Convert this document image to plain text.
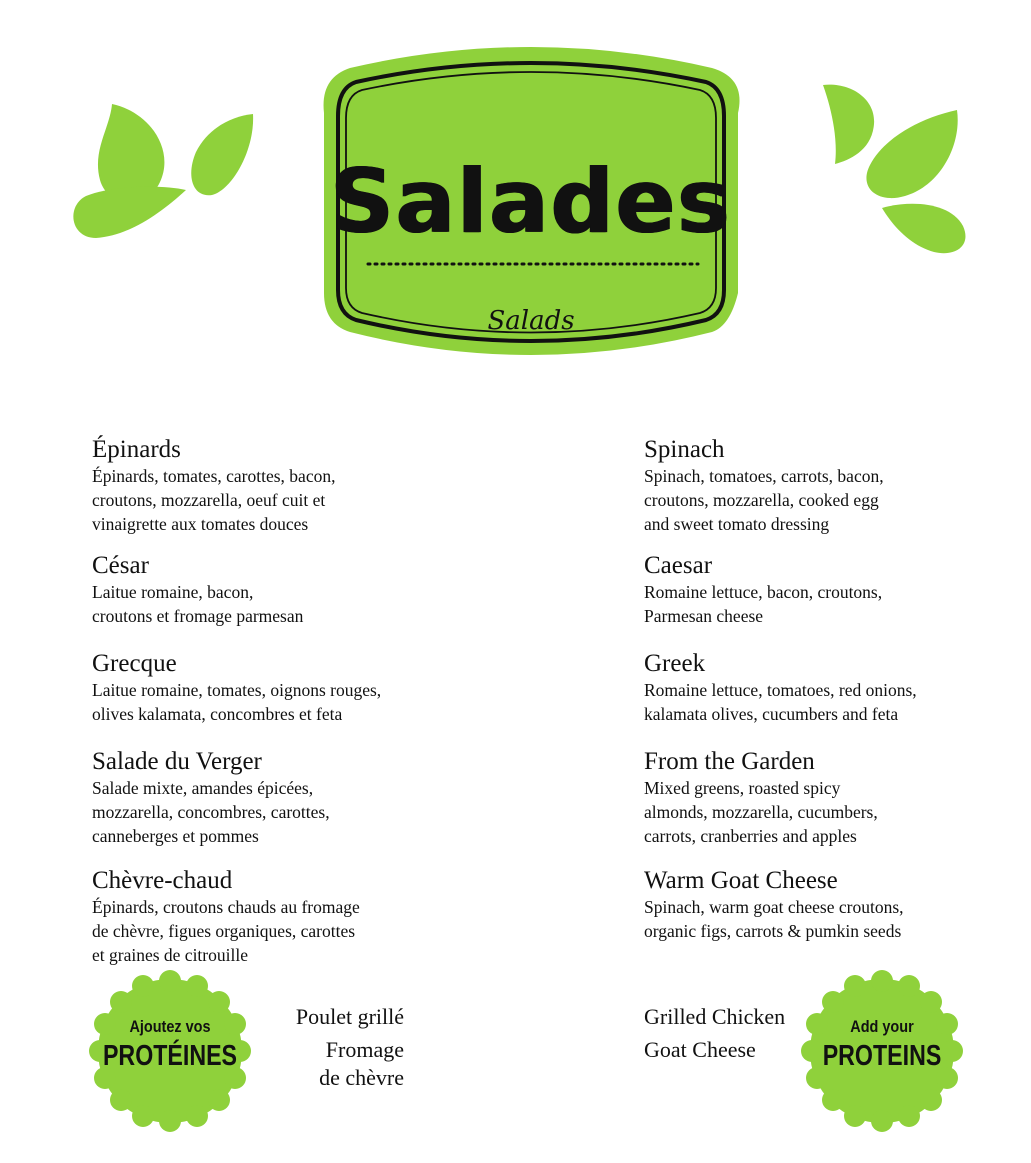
Salades
Salads

Épinards

Épinards, tomates, carottes, bacon,

croutons, mozzarella, oeuf cuit et

vinaigrette aux tomates douces

César

Laitue romaine, bacon,

croutons et fromage parmesan

Grecque

Laitue romaine, tomates, oignons rouges,

olives kalamata, concombres et feta

Salade du Verger

Salade mixte, amandes épicées,

mozzarella, concombres, carottes,

canneberges et pommes

Chèvre-chaud

Épinards, croutons chauds au fromage

de chèvre, figues organiques, carottes

et graines de citrouille

Spinach

Spinach, tomatoes, carrots, bacon,

croutons, mozzarella, cooked egg

and sweet tomato dressing

Caesar

Romaine lettuce, bacon, croutons,

Parmesan cheese

Greek

Romaine lettuce, tomatoes, red onions,

kalamata olives, cucumbers and feta

From the Garden

Mixed greens, roasted spicy

almonds, mozzarella, cucumbers,

carrots, cranberries and apples

Warm Goat Cheese

Spinach, warm goat cheese croutons,

organic figs, carrots & pumkin seeds

Ajoutez vos
PROTÉINES
Add your
PROTEINS
Poulet grillé
Fromage
de chèvre
Grilled Chicken
Goat Cheese
